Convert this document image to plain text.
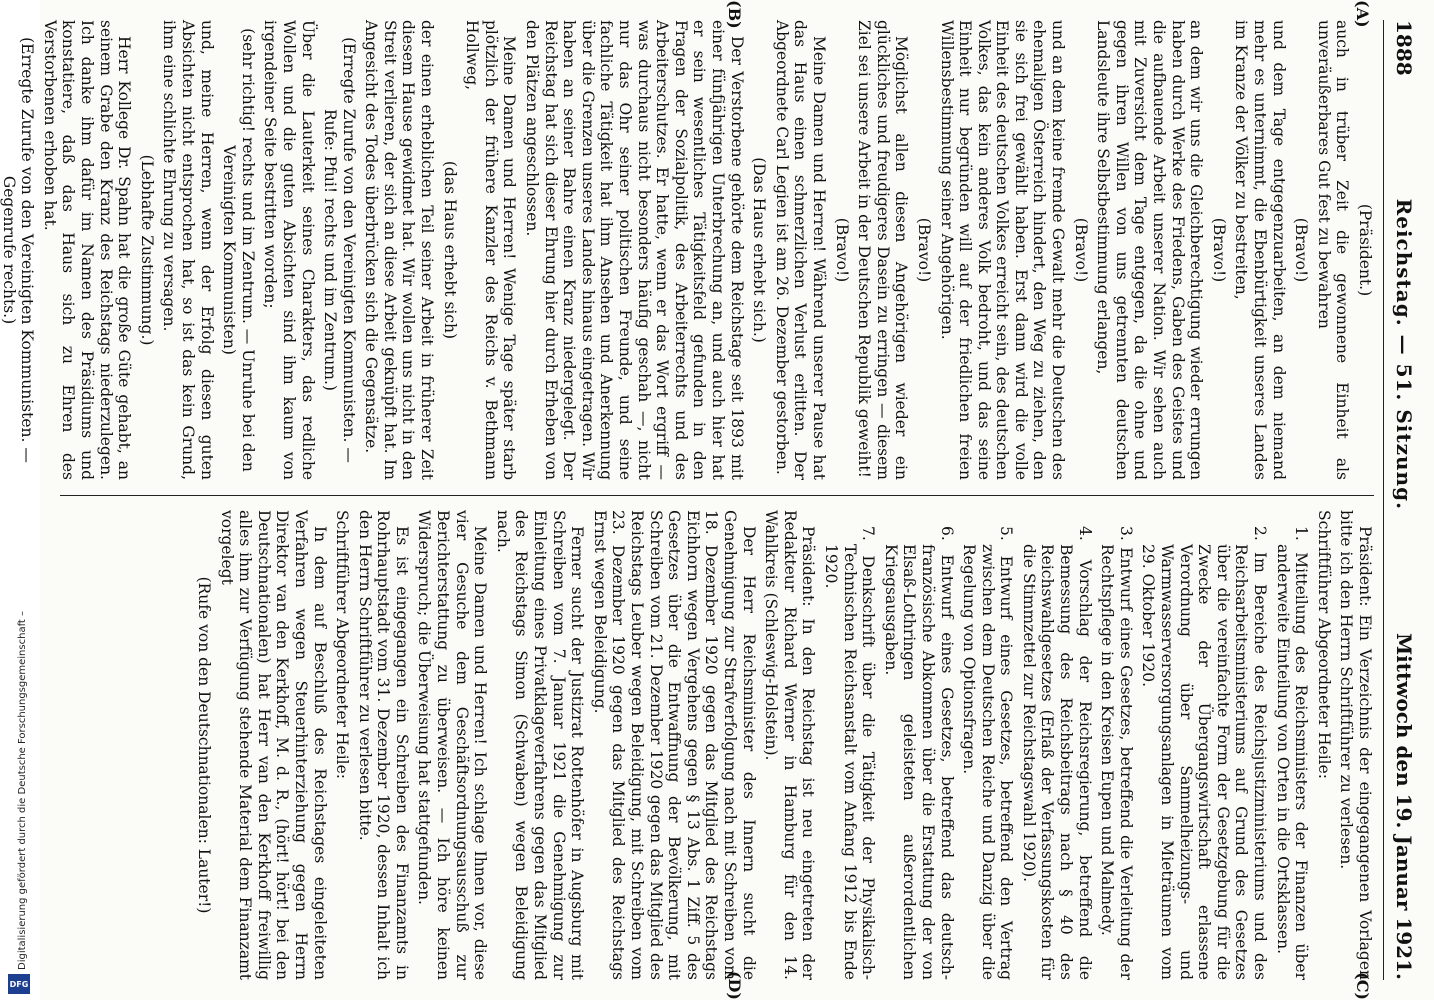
Digitalisierung gefördert durch die Deutsche Forschungsgemeinschaft –
DFG
1888
Reichstag. — 51. Sitzung.
Mittwoch den 19. Januar 1921.
(A)
(B)
(C)
(D)

(Präsident.)

auch in trüber Zeit die gewonnene Einheit als unveräußerbares Gut fest zu bewahren

(Bravo!)

und dem Tage entgegenzuarbeiten, an dem niemand mehr es unternimmt, die Ebenbürtigkeit unseres Landes im Kranze der Völker zu bestreiten,

(Bravo!)

an dem wir uns die Gleichberechtigung wieder errungen haben durch Werke des Friedens, Gaben des Geistes und die aufbauende Arbeit unserer Nation. Wir sehen auch mit Zuversicht dem Tage entgegen, da die ohne und gegen ihren Willen von uns getrennten deutschen Landsleute ihre Selbstbestimmung erlangen,

(Bravo!)

und an dem keine fremde Gewalt mehr die Deutschen des ehemaligen Österreich hindert, den Weg zu ziehen, den sie sich frei gewählt haben. Erst dann wird die volle Einheit des deutschen Volkes erreicht sein, des deutschen Volkes, das kein anderes Volk bedroht, und das seine Einheit nur begründen will auf der friedlichen freien Willensbestimmung seiner Angehörigen.

(Bravo!)

Möglichst allen diesen Angehörigen wieder ein glückliches und freudigeres Dasein zu erringen — diesem Ziel sei unsere Arbeit in der Deutschen Republik geweiht!

(Bravo!)

Meine Damen und Herren! Während unserer Pause hat das Haus einen schmerzlichen Verlust erlitten. Der Abgeordnete Carl Legien ist am 26. Dezember gestorben.

(Das Haus erhebt sich.)

Der Verstorbene gehörte dem Reichstage seit 1893 mit einer fünfjährigen Unterbrechung an, und auch hier hat er sein wesentliches Tätigkeitsfeld gefunden in den Fragen der Sozialpolitik, des Arbeiterrechts und des Arbeiterschutzes. Er hatte, wenn er das Wort ergriff — was durchaus nicht besonders häufig geschah —, nicht nur das Ohr seiner politischen Freunde, und seine fachliche Tätigkeit hat ihm Ansehen und Anerkennung über die Grenzen unseres Landes hinaus eingetragen. Wir haben an seiner Bahre einen Kranz niedergelegt. Der Reichstag hat sich dieser Ehrung hier durch Erheben von den Plätzen angeschlossen.

Meine Damen und Herren! Wenige Tage später starb plötzlich der frühere Kanzler des Reichs v. Bethmann Hollweg,

(das Haus erhebt sich)

der einen erheblichen Teil seiner Arbeit in früherer Zeit diesem Hause gewidmet hat. Wir wollen uns nicht in den Streit verlieren, der sich an diese Arbeit geknüpft hat. Im Angesicht des Todes überbrücken sich die Gegensätze.

(Erregte Zurufe von den Vereinigten Kommunisten. — Rufe: Pfui! rechts und im Zentrum.)

Über die Lauterkeit seines Charakters, das redliche Wollen und die guten Absichten sind ihm kaum von irgendeiner Seite bestritten worden;

(sehr richtig! rechts und im Zentrum. — Unruhe bei den Vereinigten Kommunisten)

und, meine Herren, wenn der Erfolg diesen guten Absichten nicht entsprochen hat, so ist das kein Grund, ihm eine schlichte Ehrung zu versagen.

(Lebhafte Zustimmung.)

Herr Kollege Dr. Spahn hat die große Güte gehabt, an seinem Grabe den Kranz des Reichstags niederzulegen. Ich danke ihm dafür im Namen des Präsidiums und konstatiere, daß das Haus sich zu Ehren des Verstorbenen erhoben hat.

(Erregte Zurufe von den Vereinigten Kommunisten. — Gegenrufe rechts.)

Präsident: Ein Verzeichnis der eingegangenen Vorlagen bitte ich den Herrn Schriftführer zu verlesen.

Schriftführer Abgeordneter Heile:

1. Mitteilung des Reichsministers der Finanzen über anderweite Einteilung von Orten in die Ortsklassen.

2. Im Bereiche des Reichsjustizministeriums und des Reichsarbeitsministeriums auf Grund des Gesetzes über die vereinfachte Form der Gesetzgebung für die Zwecke der Übergangswirtschaft erlassene Verordnung über Sammelheizungs- und Warmwasserversorgungsanlagen in Mieträumen vom 29. Oktober 1920.

3. Entwurf eines Gesetzes, betreffend die Verleitung der Rechtspflege in den Kreisen Eupen und Malmedy.

4. Vorschlag der Reichsregierung, betreffend die Bemessung des Reichsbeitrags nach § 40 des Reichswahlgesetzes (Erlaß der Verfassungskosten für die Stimmzettel zur Reichstagswahl 1920).

5. Entwurf eines Gesetzes, betreffend den Vertrag zwischen dem Deutschen Reiche und Danzig über die Regelung von Optionsfragen.

6. Entwurf eines Gesetzes, betreffend das deutsch-französische Abkommen über die Erstattung der von Elsaß-Lothringen geleisteten außerordentlichen Kriegsausgaben.

7. Denkschrift über die Tätigkeit der Physikalisch-Technischen Reichsanstalt vom Anfang 1912 bis Ende 1920.

Präsident: In den Reichstag ist neu eingetreten der Redakteur Richard Werner in Hamburg für den 14. Wahlkreis (Schleswig-Holstein).

Der Herr Reichsminister des Innern sucht die Genehmigung zur Strafverfolgung nach mit Schreiben vom 18. Dezember 1920 gegen das Mitglied des Reichstags Eichhorn wegen Vergehens gegen § 13 Abs. 1 Ziff. 5 des Gesetzes über die Entwaffnung der Bevölkerung, mit Schreiben vom 21. Dezember 1920 gegen das Mitglied des Reichstags Leuber wegen Beleidigung, mit Schreiben vom 23. Dezember 1920 gegen das Mitglied des Reichstags Ernst wegen Beleidigung.

Ferner sucht der Justizrat Rottenhöfer in Augsburg mit Schreiben vom 7. Januar 1921 die Genehmigung zur Einleitung eines Privatklageverfahrens gegen das Mitglied des Reichstags Simon (Schwaben) wegen Beleidigung nach.

Meine Damen und Herren! Ich schlage Ihnen vor, diese vier Gesuche dem Geschäftsordnungsausschuß zur Berichterstattung zu überweisen. — Ich höre keinen Widerspruch; die Überweisung hat stattgefunden.

Es ist eingegangen ein Schreiben des Finanzamts in Rohrhauptstadt vom 31. Dezember 1920, dessen Inhalt ich den Herrn Schriftführer zu verlesen bitte.

Schriftführer Abgeordneter Heile:

In dem auf Beschluß des Reichstages eingeleiteten Verfahren wegen Steuerhinterziehung gegen Herrn Direktor van den Kerkhoff, M. d. R., (hört! hört! bei den Deutschnationalen) hat Herr van den Kerkhoff freiwillig alles ihm zur Verfügung stehende Material dem Finanzamt vorgelegt

(Rufe von den Deutschnationalen: Lauter!)
